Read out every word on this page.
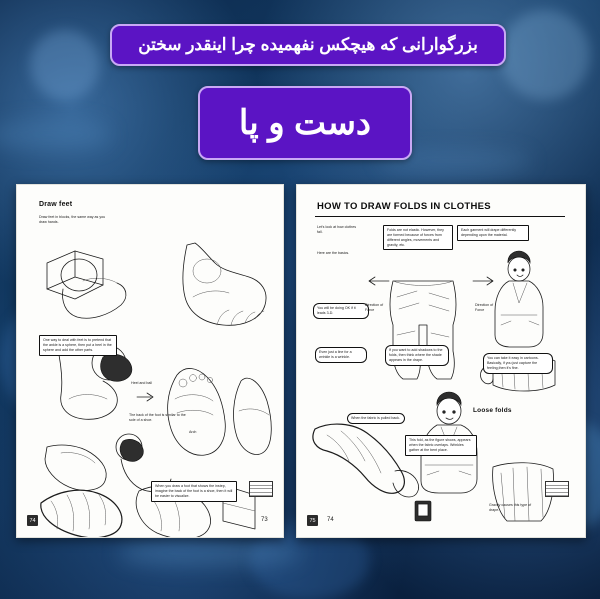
بزرگوارانی که هیچکس نفهمیده چرا اینقدر سختن
دست و پا
Draw feet
Draw feet in blocks, the same way as you draw hands.
One way to deal with feet is to pretend that the ankle is a sphere, then put a heel in the sphere and add the other parts.
Heel and ball
Arch
The back of the foot is similar to the sole of a shoe.
When you draw a foot that shows the instep, imagine the back of the foot is a shoe, then it will be easier to visualize.
74	73
HOW TO DRAW FOLDS IN CLOTHES
Let's look at how clothes fall.
Here are the basics.
Folds are not elastic. However, they are formed because of forces from different angles, movements and gravity, etc.
Each garment will drape differently depending upon the material.
You will be doing OK if it leads 3-D.
Direction of Force
Direction of Force
If you want to add shadows to the folds, then think where the shade appears in the drape.
Even just a line for a wrinkle is a wrinkle.	You can take it easy in cartoons. Basically, if you just capture the feeling,then it's fine.
When the fabric is pulled back.
Loose folds
This fold, as the figure shows, appears when the fabric overlaps. Wrinkles gather at the bent place.
Gravity causes this type of drape.
75	74
